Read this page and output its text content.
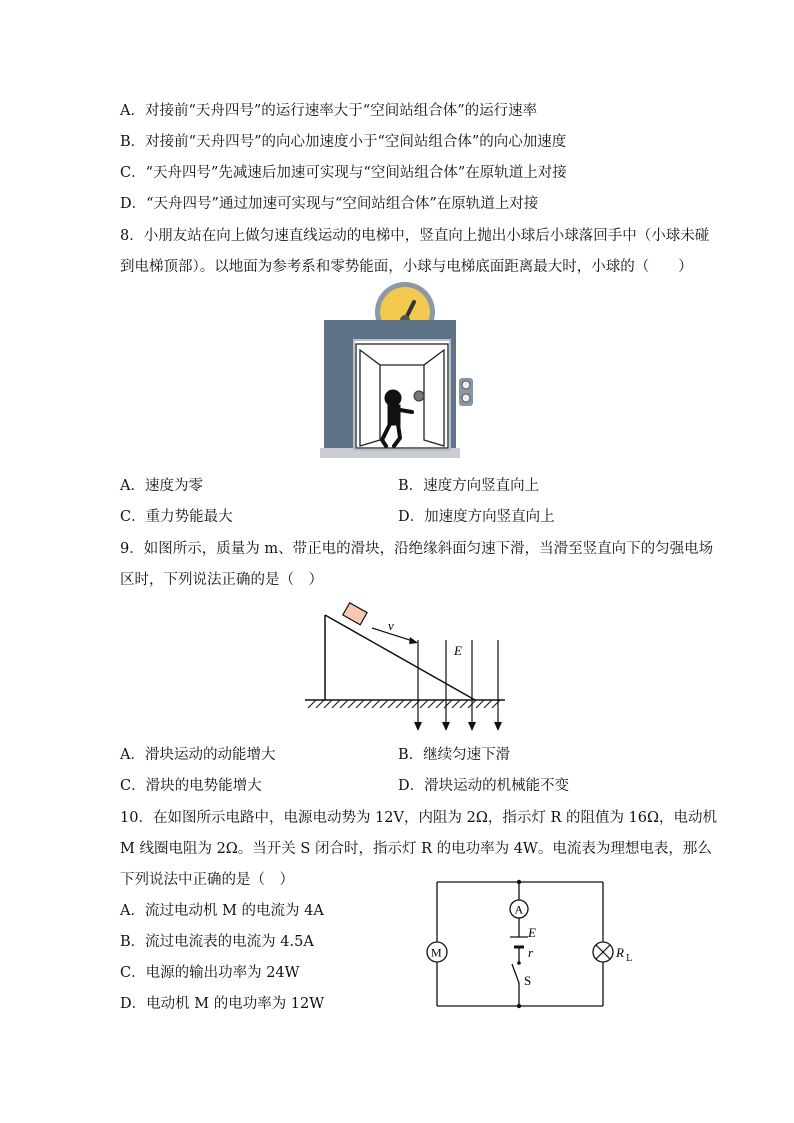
A．对接前“天舟四号”的运行速率大于“空间站组合体”的运行速率
B．对接前“天舟四号”的向心加速度小于“空间站组合体”的向心加速度
C．“天舟四号”先减速后加速可实现与“空间站组合体”在原轨道上对接
D．“天舟四号”通过加速可实现与“空间站组合体”在原轨道上对接
8．小朋友站在向上做匀速直线运动的电梯中，竖直向上抛出小球后小球落回手中（小球未碰
到电梯顶部）。以地面为参考系和零势能面，小球与电梯底面距离最大时，小球的（　　）
A．速度为零	B．速度方向竖直向上
C．重力势能最大	D．加速度方向竖直向上
9．如图所示，质量为 m、带正电的滑块，沿绝缘斜面匀速下滑，当滑至竖直向下的匀强电场
区时，下列说法正确的是（　）
v
E
A．滑块运动的动能增大	B．继续匀速下滑
C．滑块的电势能增大	D．滑块运动的机械能不变
10．在如图所示电路中，电源电动势为 12V，内阻为 2Ω，指示灯 R 的阻值为 16Ω，电动机
M 线圈电阻为 2Ω。当开关 S 闭合时，指示灯 R 的电功率为 4W。电流表为理想电表，那么
下列说法中正确的是（　）
A．流过电动机 M 的电流为 4A
B．流过电流表的电流为 4.5A
C．电源的输出功率为 24W
D．电动机 M 的电功率为 12W
A
E
r
S
M	R L
